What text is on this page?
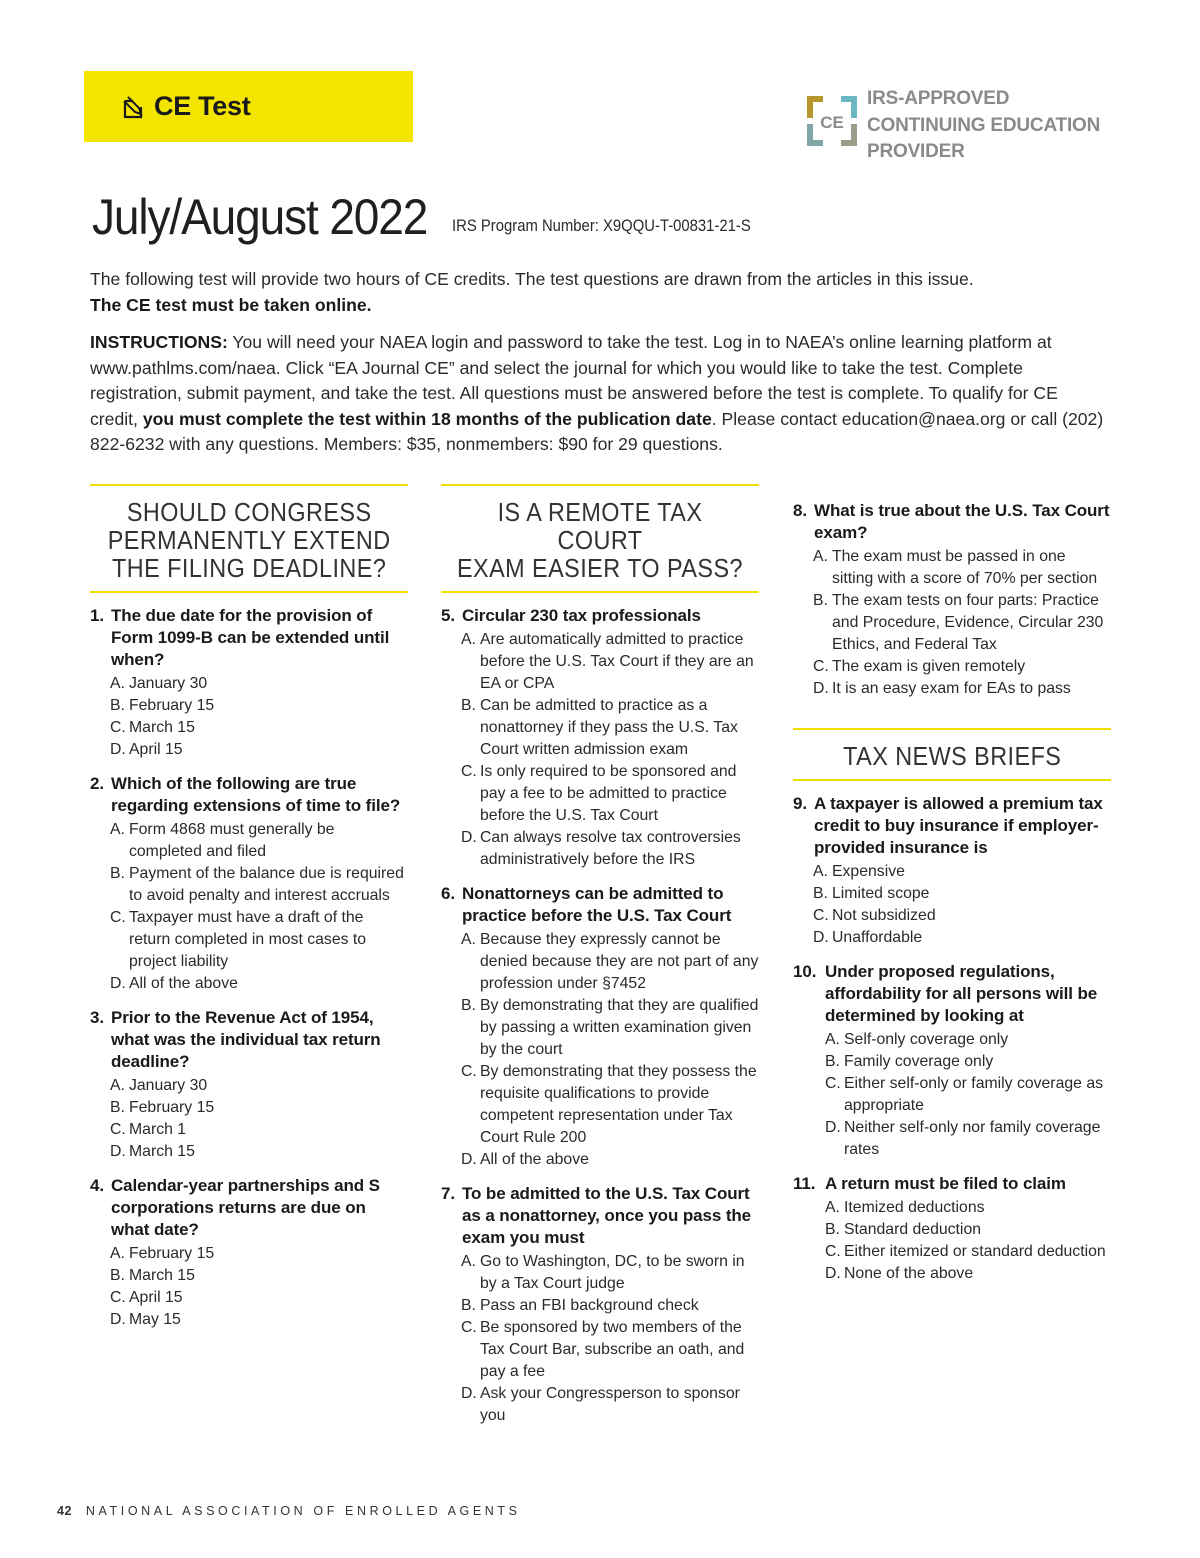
CE Test
CE
IRS-APPROVED
CONTINUING EDUCATION
PROVIDER
July/August 2022 IRS Program Number: X9QQU-T-00831-21-S

The following test will provide two hours of CE credits. The test questions are drawn from the articles in this issue.
The CE test must be taken online.

INSTRUCTIONS: You will need your NAEA login and password to take the test. Log in to NAEA’s online learning platform at www.pathlms.com/naea. Click “EA Journal CE” and select the journal for which you would like to take the test. Complete registration, submit payment, and take the test. All questions must be answered before the test is complete. To qualify for CE credit, you must complete the test within 18 months of the publication date. Please contact education@naea.org or call (202) 822-6232 with any questions. Members: $35, nonmembers: $90 for 29 questions.

SHOULD CONGRESS
PERMANENTLY EXTEND
THE FILING DEADLINE?
1. The due date for the provision of Form 1099-B can be extended until when?
A. January 30
B. February 15
C. March 15
D. April 15
2. Which of the following are true regarding extensions of time to file?
A. Form 4868 must generally be completed and filed
B. Payment of the balance due is required to avoid penalty and interest accruals
C. Taxpayer must have a draft of the return completed in most cases to project liability
D. All of the above
3. Prior to the Revenue Act of 1954, what was the individual tax return deadline?
A. January 30
B. February 15
C. March 1
D. March 15
4. Calendar-year partnerships and S corporations returns are due on what date?
A. February 15
B. March 15
C. April 15
D. May 15
IS A REMOTE TAX COURT
EXAM EASIER TO PASS?
5. Circular 230 tax professionals
A. Are automatically admitted to practice before the U.S. Tax Court if they are an EA or CPA
B. Can be admitted to practice as a nonattorney if they pass the U.S. Tax Court written admission exam
C. Is only required to be sponsored and pay a fee to be admitted to practice before the U.S. Tax Court
D. Can always resolve tax controversies administratively before the IRS
6. Nonattorneys can be admitted to practice before the U.S. Tax Court
A. Because they expressly cannot be denied because they are not part of any profession under §7452
B. By demonstrating that they are qualified by passing a written examination given by the court
C. By demonstrating that they possess the requisite qualifications to provide competent representation under Tax Court Rule 200
D. All of the above
7. To be admitted to the U.S. Tax Court as a nonattorney, once you pass the exam you must
A. Go to Washington, DC, to be sworn in by a Tax Court judge
B. Pass an FBI background check
C. Be sponsored by two members of the Tax Court Bar, subscribe an oath, and pay a fee
D. Ask your Congressperson to sponsor you
8. What is true about the U.S. Tax Court exam?
A. The exam must be passed in one sitting with a score of 70% per section
B. The exam tests on four parts: Practice and Procedure, Evidence, Circular 230 Ethics, and Federal Tax
C. The exam is given remotely
D. It is an easy exam for EAs to pass
TAX NEWS BRIEFS
9. A taxpayer is allowed a premium tax credit to buy insurance if employer-provided insurance is
A. Expensive
B. Limited scope
C. Not subsidized
D. Unaffordable
10. Under proposed regulations, affordability for all persons will be determined by looking at
A. Self-only coverage only
B. Family coverage only
C. Either self-only or family coverage as appropriate
D. Neither self-only nor family coverage rates
11. A return must be filed to claim
A. Itemized deductions
B. Standard deduction
C. Either itemized or standard deduction
D. None of the above
42 NATIONAL ASSOCIATION OF ENROLLED AGENTS
